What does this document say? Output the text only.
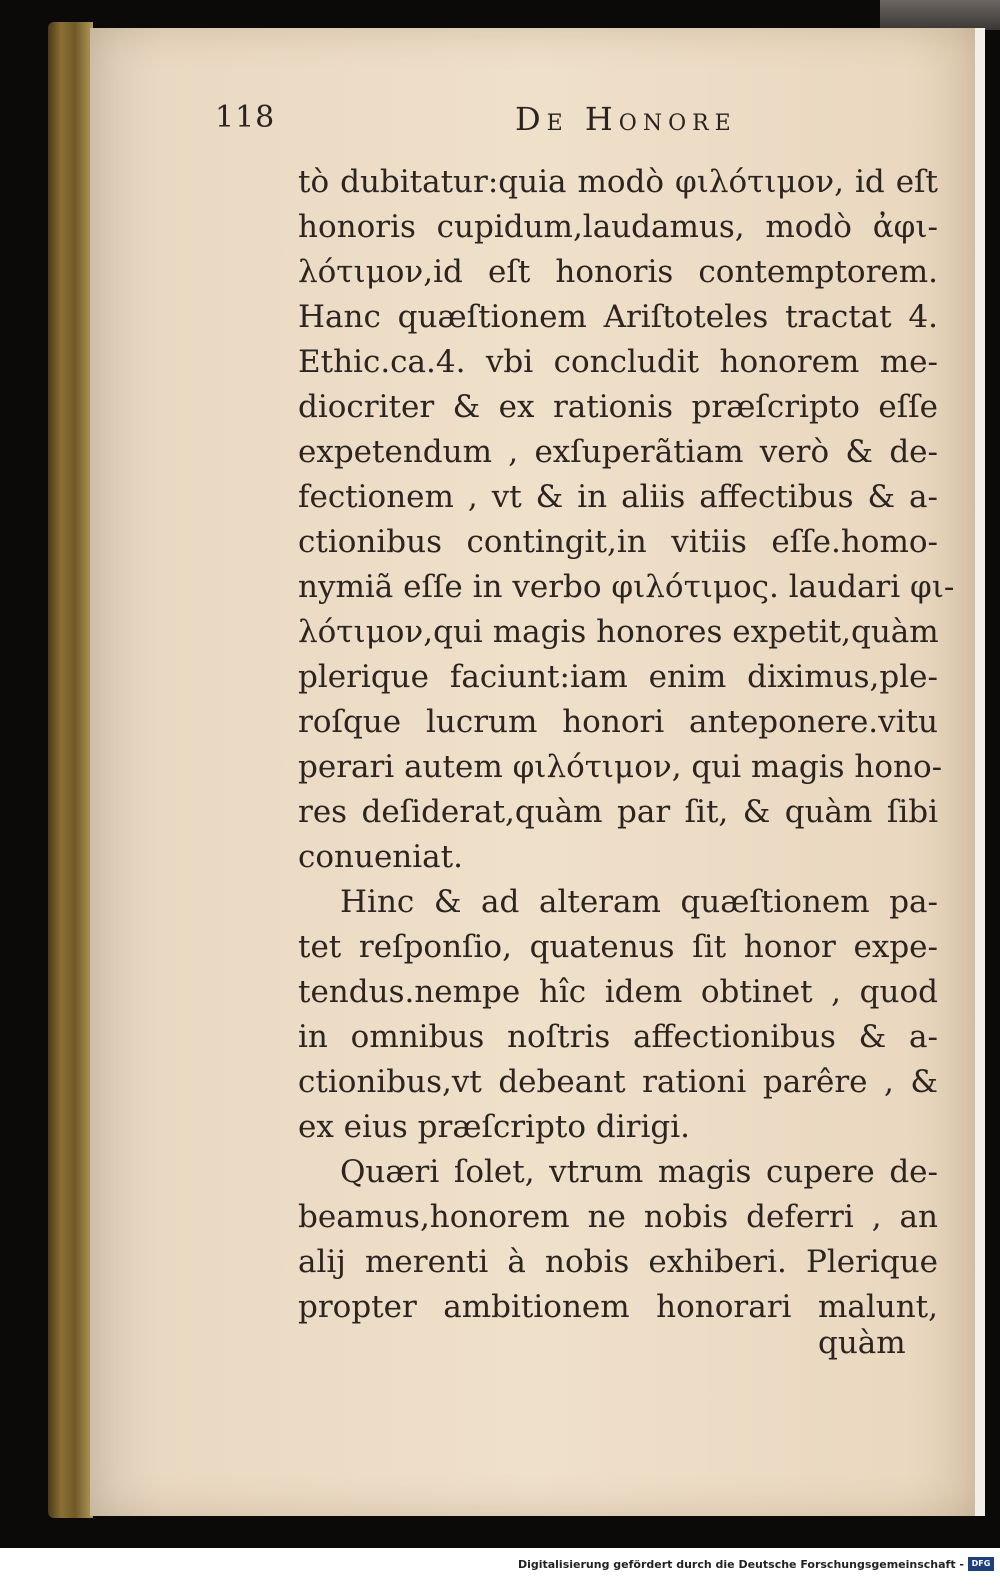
118	De Honore
tò dubitatur:quia modò φιλότιμον, id eſt
honoris cupidum,laudamus, modò ἀφι-
λότιμον,id eſt honoris contemptorem.
Hanc quæſtionem Ariſtoteles tractat 4.
Ethic.ca.4. vbi concludit honorem me-
diocriter & ex rationis præſcripto eſſe
expetendum , exſuperãtiam verò & de-
fectionem , vt & in aliis affectibus & a-
ctionibus contingit,in vitiis eſſe.homo-
nymiã eſſe in verbo φιλότιμος. laudari φι-
λότιμον,qui magis honores expetit,quàm
plerique faciunt:iam enim diximus,ple-
roſque lucrum honori anteponere.vitu
perari autem φιλότιμον, qui magis hono-
res deſiderat,quàm par ſit, & quàm ſibi
conueniat.
Hinc & ad alteram quæſtionem pa-
tet reſponſio, quatenus ſit honor expe-
tendus.nempe hîc idem obtinet , quod
in omnibus noſtris affectionibus & a-
ctionibus,vt debeant rationi parêre , &
ex eius præſcripto dirigi.
Quæri ſolet, vtrum magis cupere de-
beamus,honorem ne nobis deferri , an
alij merenti à nobis exhiberi. Plerique
propter ambitionem honorari malunt,
quàm
Digitalisierung gefördert durch die Deutsche Forschungsgemeinschaft - DFG
